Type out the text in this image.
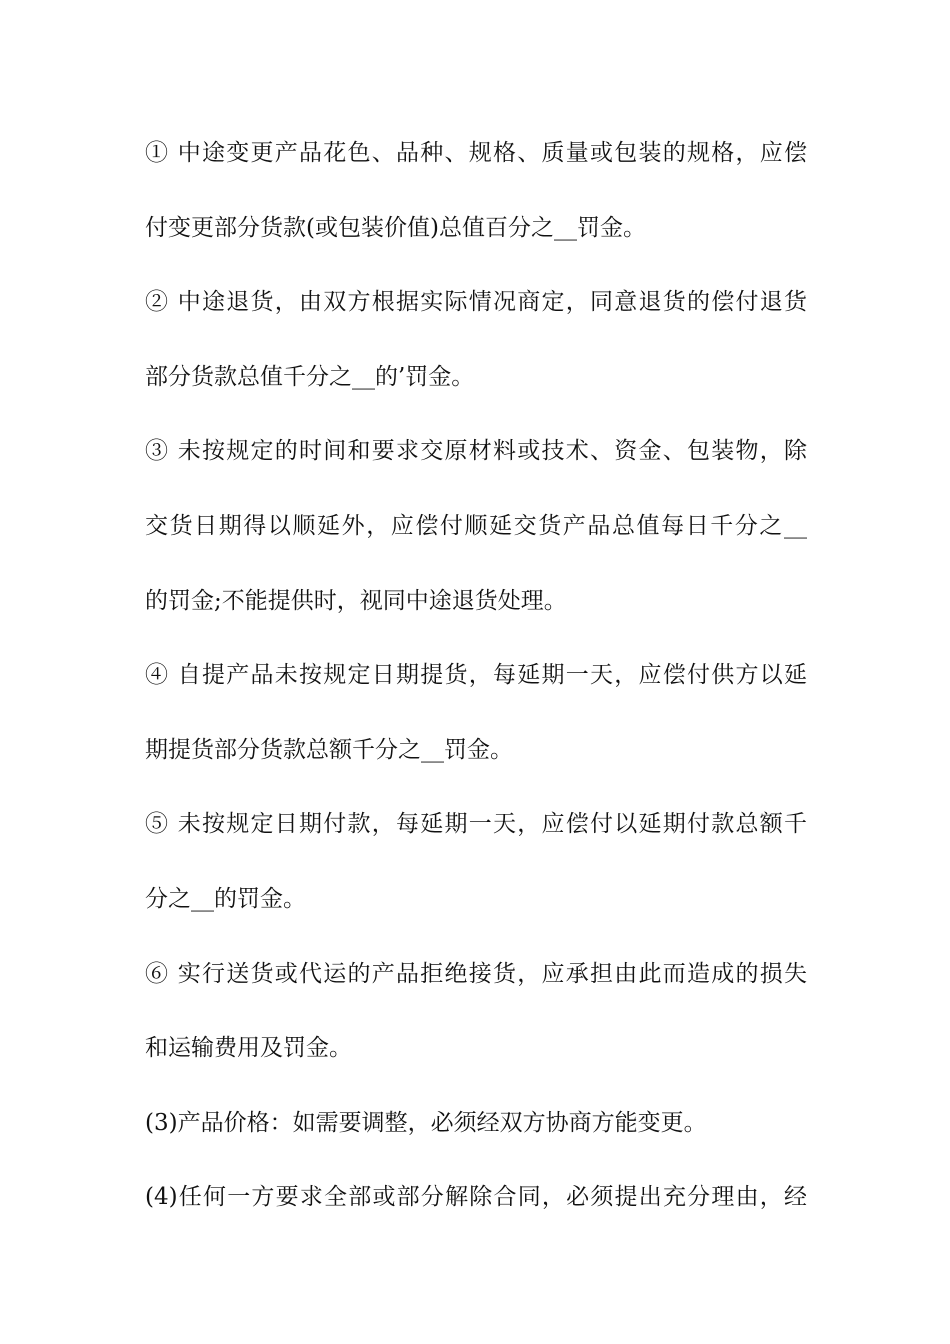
① 中途变更产品花色、品种、规格、质量或包装的规格，应偿
付变更部分货款(或包装价值)总值百分之__罚金。
② 中途退货，由双方根据实际情况商定，同意退货的偿付退货
部分货款总值千分之__的’罚金。
③ 未按规定的时间和要求交原材料或技术、资金、包装物，除
交货日期得以顺延外，应偿付顺延交货产品总值每日千分之__
的罚金;不能提供时，视同中途退货处理。
④ 自提产品未按规定日期提货，每延期一天，应偿付供方以延
期提货部分货款总额千分之__罚金。
⑤ 未按规定日期付款，每延期一天，应偿付以延期付款总额千
分之__的罚金。
⑥ 实行送货或代运的产品拒绝接货，应承担由此而造成的损失
和运输费用及罚金。
(3)产品价格：如需要调整，必须经双方协商方能变更。
(4)任何一方要求全部或部分解除合同，必须提出充分理由，经
